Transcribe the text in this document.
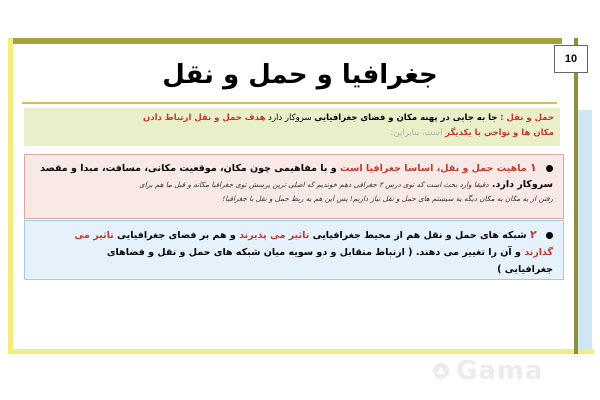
10
جغرافیا و حمل و نقل
حمل و نقل : جا به جایی در پهنه مکان و فضای جغرافیایی سروکار دارد هدف حمل و نقل ارتباط دادن
مکان ها و نواحی با یکدیگر است، بنابراین:
۱ ماهیت حمل و نقل، اساسا جغرافیا است و با مفاهیمی چون مکان، موقعیت مکانی، مسافت، مبدا و مقصد
سروکار دارد. دقیقا وارد بحث است که توی درس ۲ جغرافی دهم خوندیم که اصلی ترین پرسش توی جغرافیا مکانه و قبل ما هم برای
رفتن از یه مکان به مکان دیگه یه سیستم های حمل و نقل نیاز داریم! پس این هم یه ربط حمل و نقل با جغرافیا!
۲ شبکه های حمل و نقل هم از محیط جغرافیایی تاثیر می پذیرند و هم بر فضای جغرافیایی تاثیر می
گذارند و آن را تغییر می دهند. ( ارتباط متقابل و دو سویه میان شبکه های حمل و نقل و فضاهای
جغرافیایی )
Gama
